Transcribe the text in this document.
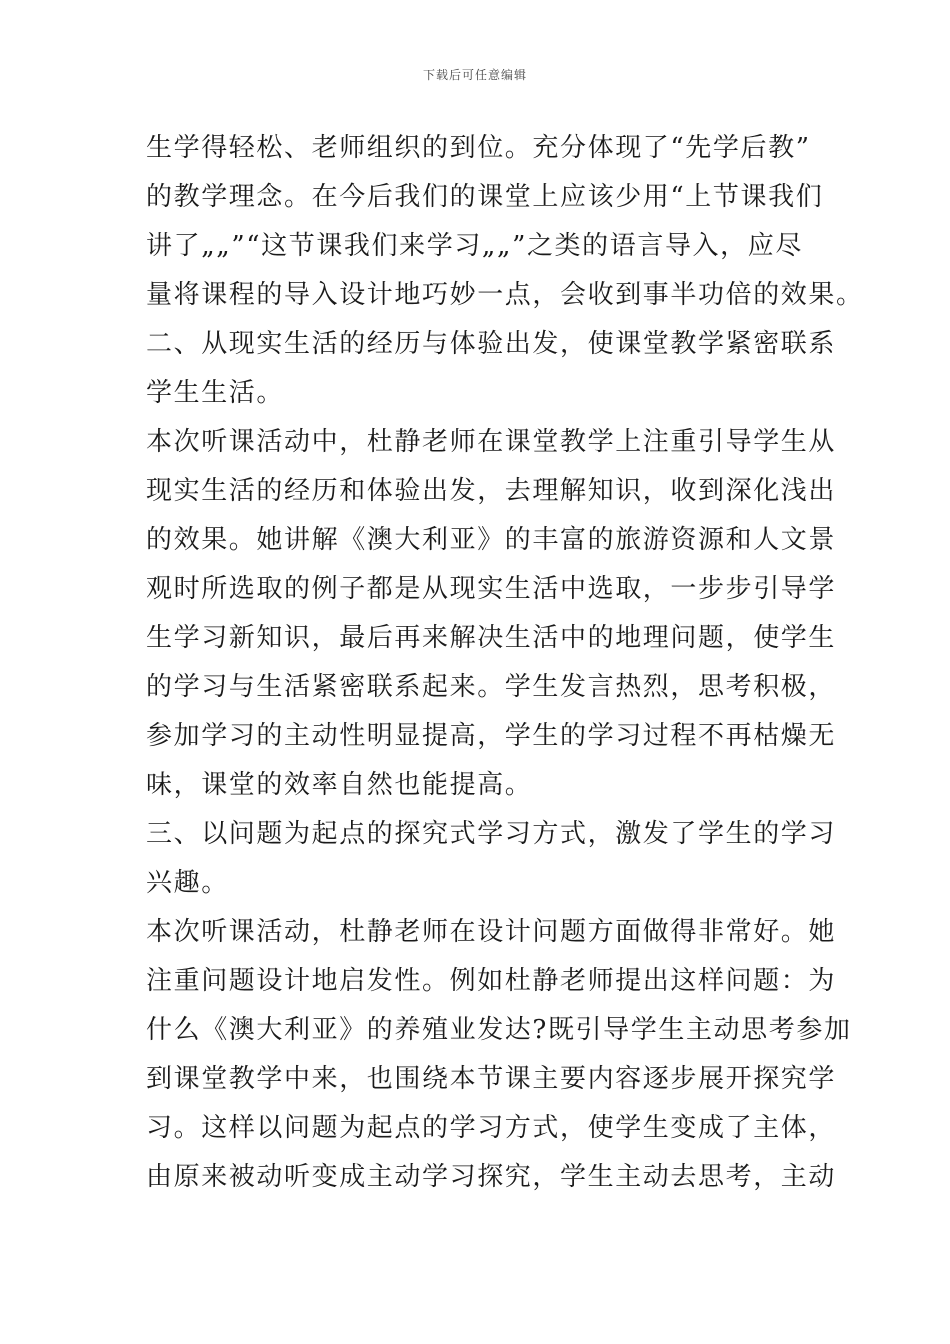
下载后可任意编辑
生学得轻松、老师组织的到位。充分体现了“先学后教”
的教学理念。在今后我们的课堂上应该少用“上节课我们
讲了„„”“这节课我们来学习„„”之类的语言导入，应尽
量将课程的导入设计地巧妙一点，会收到事半功倍的效果。
二、从现实生活的经历与体验出发，使课堂教学紧密联系
学生生活。
本次听课活动中，杜静老师在课堂教学上注重引导学生从
现实生活的经历和体验出发，去理解知识，收到深化浅出
的效果。她讲解《澳大利亚》的丰富的旅游资源和人文景
观时所选取的例子都是从现实生活中选取，一步步引导学
生学习新知识，最后再来解决生活中的地理问题，使学生
的学习与生活紧密联系起来。学生发言热烈，思考积极，
参加学习的主动性明显提高，学生的学习过程不再枯燥无
味，课堂的效率自然也能提高。
三、以问题为起点的探究式学习方式，激发了学生的学习
兴趣。
本次听课活动，杜静老师在设计问题方面做得非常好。她
注重问题设计地启发性。例如杜静老师提出这样问题：为
什么《澳大利亚》的养殖业发达?既引导学生主动思考参加
到课堂教学中来，也围绕本节课主要内容逐步展开探究学
习。这样以问题为起点的学习方式，使学生变成了主体，
由原来被动听变成主动学习探究，学生主动去思考，主动
